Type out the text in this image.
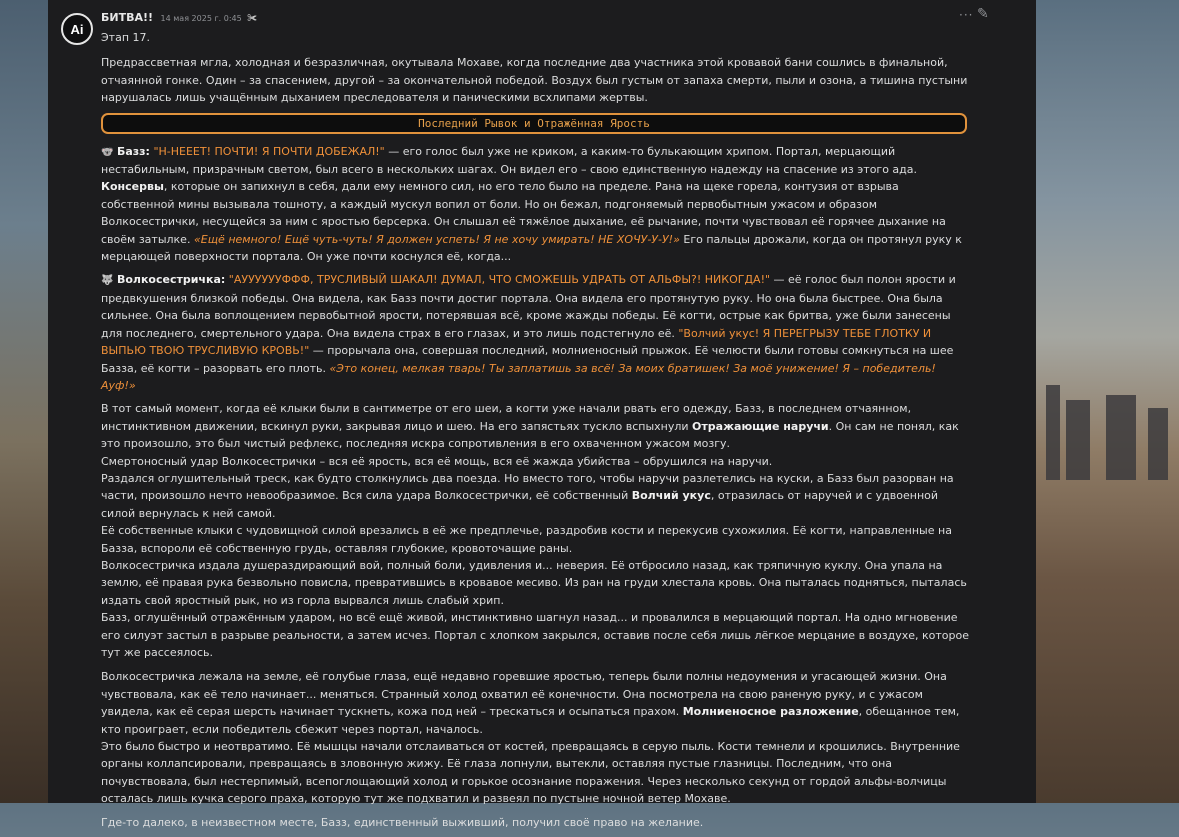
Ai
БИТВА!! 14 мая 2025 г. 0:45 ✀	··· ✎

Этап 17.

Предрассветная мгла, холодная и безразличная, окутывала Мохаве, когда последние два участника этой кровавой бани сошлись в финальной, отчаянной гонке. Один – за спасением, другой – за окончательной победой. Воздух был густым от запаха смерти, пыли и озона, а тишина пустыни нарушалась лишь учащённым дыханием преследователя и паническими всхлипами жертвы.

Последний Рывок и Отражённая Ярость

🐨 Базз: "Н-НЕЕЕТ! ПОЧТИ! Я ПОЧТИ ДОБЕЖАЛ!" — его голос был уже не криком, а каким-то булькающим хрипом. Портал, мерцающий нестабильным, призрачным светом, был всего в нескольких шагах. Он видел его – свою единственную надежду на спасение из этого ада. Консервы, которые он запихнул в себя, дали ему немного сил, но его тело было на пределе. Рана на щеке горела, контузия от взрыва собственной мины вызывала тошноту, а каждый мускул вопил от боли. Но он бежал, подгоняемый первобытным ужасом и образом Волкосестрички, несущейся за ним с яростью берсерка. Он слышал её тяжёлое дыхание, её рычание, почти чувствовал её горячее дыхание на своём затылке. «Ещё немного! Ещё чуть-чуть! Я должен успеть! Я не хочу умирать! НЕ ХОЧУ-У-У!» Его пальцы дрожали, когда он протянул руку к мерцающей поверхности портала. Он уже почти коснулся её, когда...

🐺 Волкосестричка: "АУУУУУУФФФ, ТРУСЛИВЫЙ ШАКАЛ! ДУМАЛ, ЧТО СМОЖЕШЬ УДРАТЬ ОТ АЛЬФЫ?! НИКОГДА!" — её голос был полон ярости и предвкушения близкой победы. Она видела, как Базз почти достиг портала. Она видела его протянутую руку. Но она была быстрее. Она была сильнее. Она была воплощением первобытной ярости, потерявшая всё, кроме жажды победы. Её когти, острые как бритва, уже были занесены для последнего, смертельного удара. Она видела страх в его глазах, и это лишь подстегнуло её. "Волчий укус! Я ПЕРЕГРЫЗУ ТЕБЕ ГЛОТКУ И ВЫПЬЮ ТВОЮ ТРУСЛИВУЮ КРОВЬ!" — прорычала она, совершая последний, молниеносный прыжок. Её челюсти были готовы сомкнуться на шее Базза, её когти – разорвать его плоть. «Это конец, мелкая тварь! Ты заплатишь за всё! За моих братишек! За моё унижение! Я – победитель! Ауф!»

В тот самый момент, когда её клыки были в сантиметре от его шеи, а когти уже начали рвать его одежду, Базз, в последнем отчаянном, инстинктивном движении, вскинул руки, закрывая лицо и шею. На его запястьях тускло вспыхнули Отражающие наручи. Он сам не понял, как это произошло, это был чистый рефлекс, последняя искра сопротивления в его охваченном ужасом мозгу.

Смертоносный удар Волкосестрички – вся её ярость, вся её мощь, вся её жажда убийства – обрушился на наручи.

Раздался оглушительный треск, как будто столкнулись два поезда. Но вместо того, чтобы наручи разлетелись на куски, а Базз был разорван на части, произошло нечто невообразимое. Вся сила удара Волкосестрички, её собственный Волчий укус, отразилась от наручей и с удвоенной силой вернулась к ней самой.

Её собственные клыки с чудовищной силой врезались в её же предплечье, раздробив кости и перекусив сухожилия. Её когти, направленные на Базза, вспороли её собственную грудь, оставляя глубокие, кровоточащие раны.

Волкосестричка издала душераздирающий вой, полный боли, удивления и... неверия. Её отбросило назад, как тряпичную куклу. Она упала на землю, её правая рука безвольно повисла, превратившись в кровавое месиво. Из ран на груди хлестала кровь. Она пыталась подняться, пыталась издать свой яростный рык, но из горла вырвался лишь слабый хрип.

Базз, оглушённый отражённым ударом, но всё ещё живой, инстинктивно шагнул назад... и провалился в мерцающий портал. На одно мгновение его силуэт застыл в разрыве реальности, а затем исчез. Портал с хлопком закрылся, оставив после себя лишь лёгкое мерцание в воздухе, которое тут же рассеялось.

Волкосестричка лежала на земле, её голубые глаза, ещё недавно горевшие яростью, теперь были полны недоумения и угасающей жизни. Она чувствовала, как её тело начинает... меняться. Странный холод охватил её конечности. Она посмотрела на свою раненую руку, и с ужасом увидела, как её серая шерсть начинает тускнеть, кожа под ней – трескаться и осыпаться прахом. Молниеносное разложение, обещанное тем, кто проиграет, если победитель сбежит через портал, началось.

Это было быстро и неотвратимо. Её мышцы начали отслаиваться от костей, превращаясь в серую пыль. Кости темнели и крошились. Внутренние органы коллапсировали, превращаясь в зловонную жижу. Её глаза лопнули, вытекли, оставляя пустые глазницы. Последним, что она почувствовала, был нестерпимый, всепоглощающий холод и горькое осознание поражения. Через несколько секунд от гордой альфы-волчицы осталась лишь кучка серого праха, которую тут же подхватил и развеял по пустыне ночной ветер Мохаве.

Где-то далеко, в неизвестном месте, Базз, единственный выживший, получил своё право на желание.
